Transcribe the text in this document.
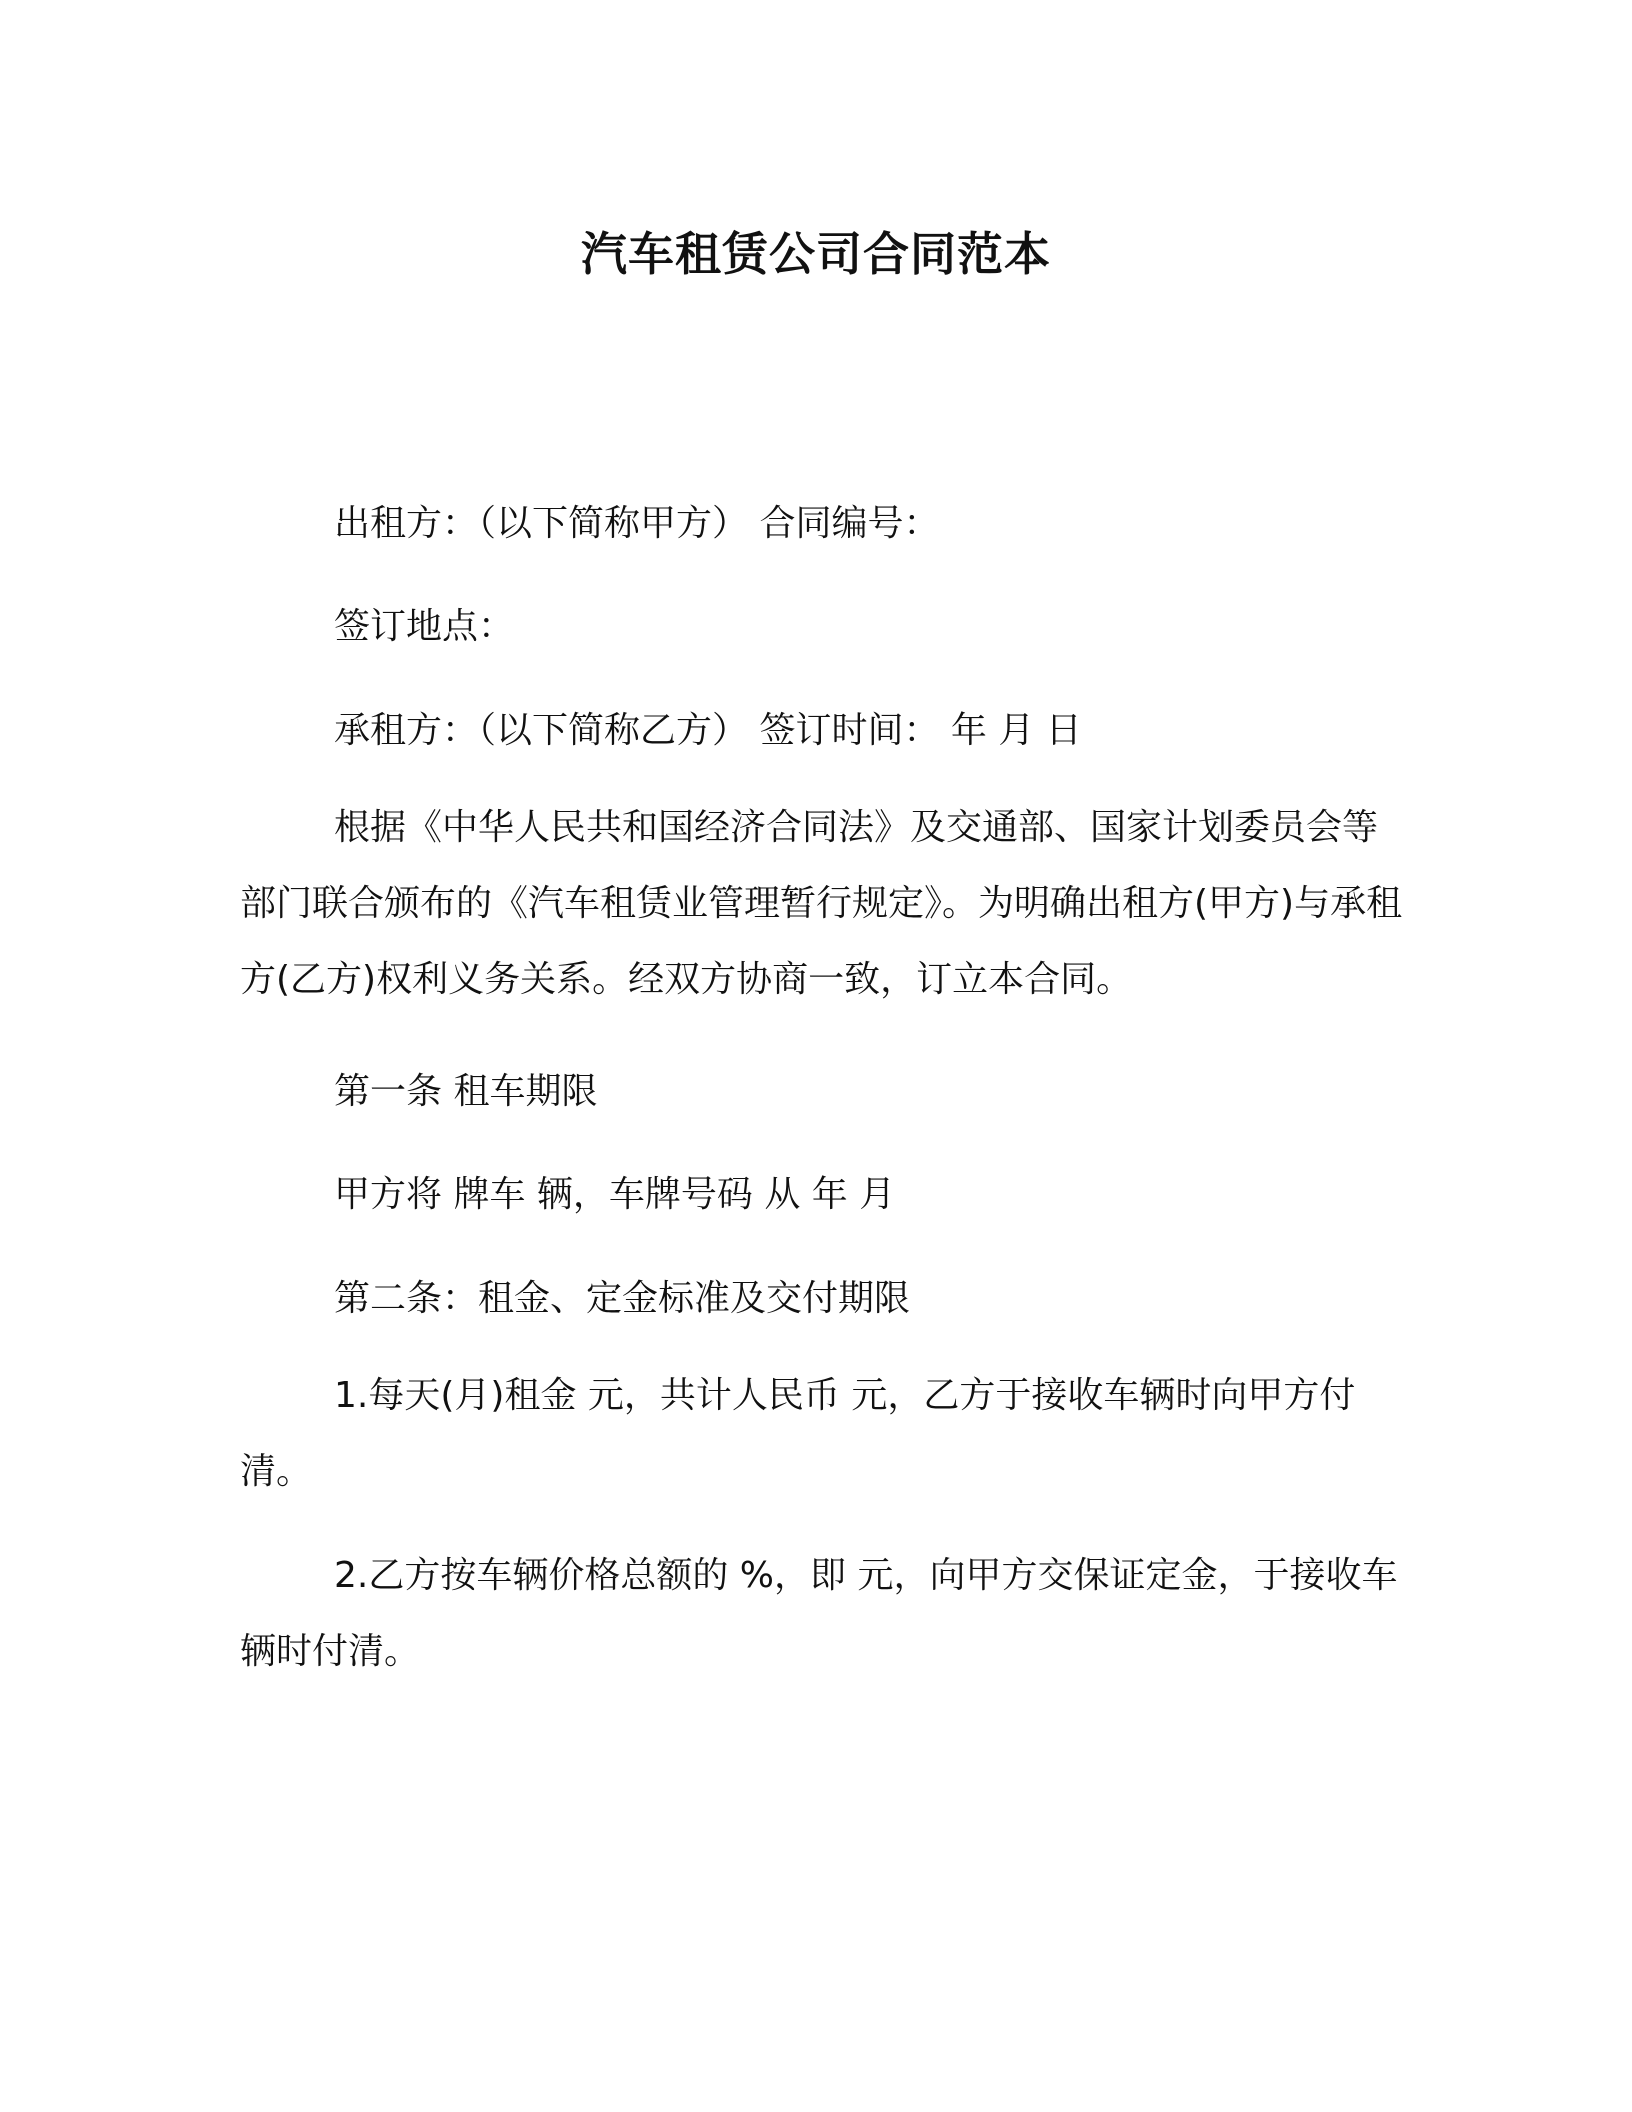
汽车租赁公司合同范本
出租方：（以下简称甲方） 合同编号：
签订地点：
承租方：（以下简称乙方） 签订时间： 年 月 日
根据《中华人民共和国经济合同法》及交通部、国家计划委员会等部门联合颁布的《汽车租赁业管理暂行规定》。为明确出租方(甲方)与承租方(乙方)权利义务关系。经双方协商一致，订立本合同。
第一条 租车期限
甲方将 牌车 辆，车牌号码 从 年 月
第二条：租金、定金标准及交付期限
1.每天(月)租金 元，共计人民币 元，乙方于接收车辆时向甲方付清。
2.乙方按车辆价格总额的 %，即 元，向甲方交保证定金，于接收车辆时付清。
